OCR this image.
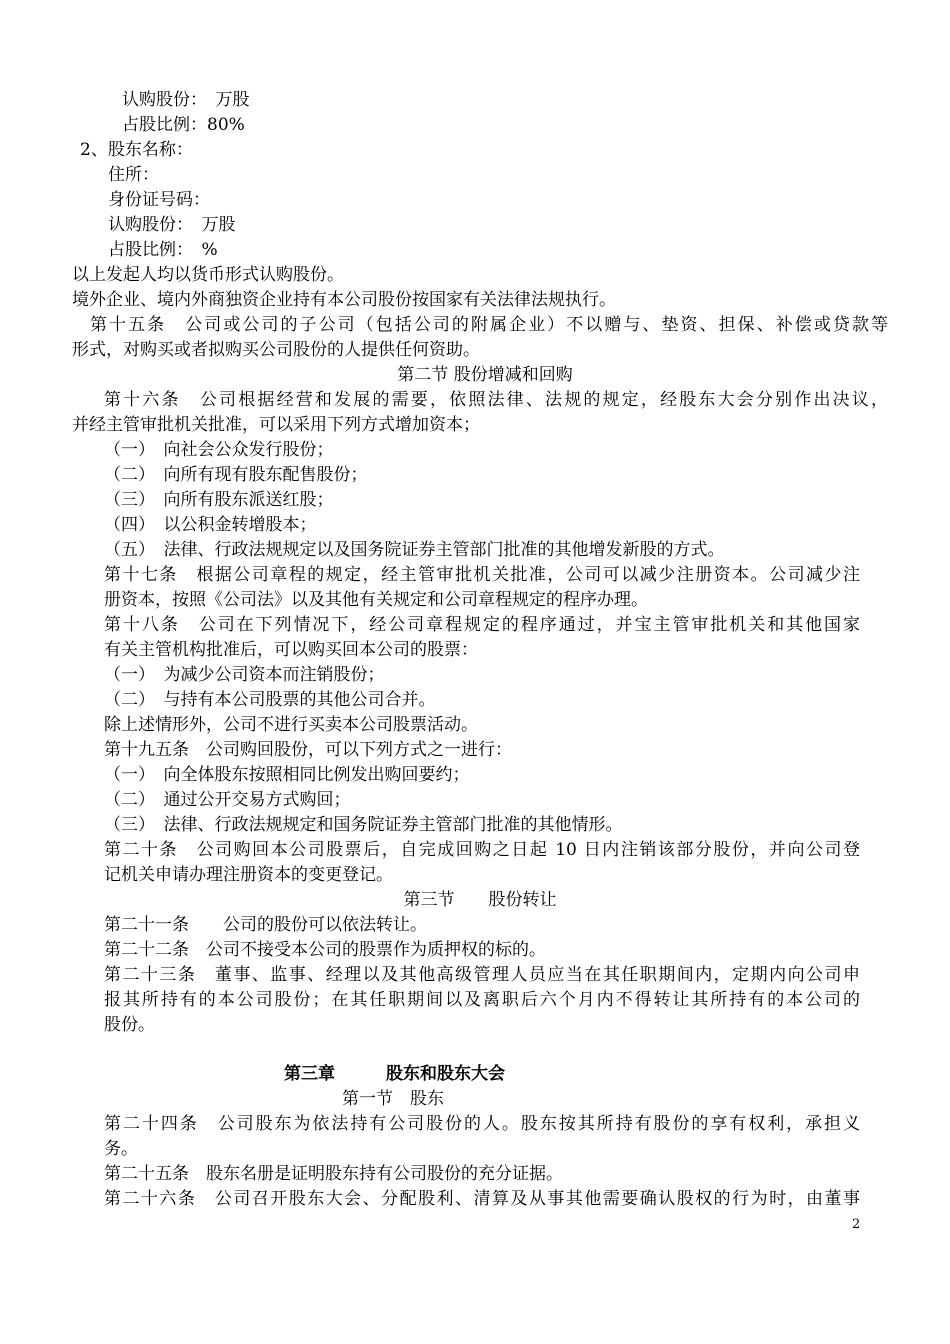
认购股份：　万股
占股比例：80%
2、股东名称：
住所：
身份证号码：
认购股份：　万股
占股比例：　%
以上发起人均以货币形式认购股份。
境外企业、境内外商独资企业持有本公司股份按国家有关法律法规执行。
第十五条　公司或公司的子公司（包括公司的附属企业）不以赠与、垫资、担保、补偿或贷款等
形式，对购买或者拟购买公司股份的人提供任何资助。
第二节 股份增减和回购
第十六条　公司根据经营和发展的需要，依照法律、法规的规定，经股东大会分别作出决议，
并经主管审批机关批准，可以采用下列方式增加资本；
（一）　向社会公众发行股份；
（二）　向所有现有股东配售股份；
（三）　向所有股东派送红股；
（四）　以公积金转增股本；
（五）　法律、行政法规规定以及国务院证券主管部门批准的其他增发新股的方式。
第十七条　根据公司章程的规定，经主管审批机关批准，公司可以减少注册资本。公司减少注
册资本，按照《公司法》以及其他有关规定和公司章程规定的程序办理。
第十八条　公司在下列情况下，经公司章程规定的程序通过，并宝主管审批机关和其他国家
有关主管机构批准后，可以购买回本公司的股票：
（一）　为减少公司资本而注销股份；
（二）　与持有本公司股票的其他公司合并。
除上述情形外，公司不进行买卖本公司股票活动。
第十九五条　公司购回股份，可以下列方式之一进行：
（一）　向全体股东按照相同比例发出购回要约；
（二）　通过公开交易方式购回；
（三）　法律、行政法规规定和国务院证券主管部门批准的其他情形。
第二十条　公司购回本公司股票后，自完成回购之日起 10 日内注销该部分股份，并向公司登
记机关申请办理注册资本的变更登记。
第三节　　股份转让
第二十一条　　公司的股份可以依法转让。
第二十二条　公司不接受本公司的股票作为质押权的标的。
第二十三条　董事、监事、经理以及其他高级管理人员应当在其任职期间内，定期内向公司申
报其所持有的本公司股份；在其任职期间以及离职后六个月内不得转让其所持有的本公司的
股份。
第三章　　　股东和股东大会
第一节　股东
第二十四条　公司股东为依法持有公司股份的人。股东按其所持有股份的享有权利，承担义
务。
第二十五条　股东名册是证明股东持有公司股份的充分证据。
第二十六条　公司召开股东大会、分配股利、清算及从事其他需要确认股权的行为时，由董事
2
